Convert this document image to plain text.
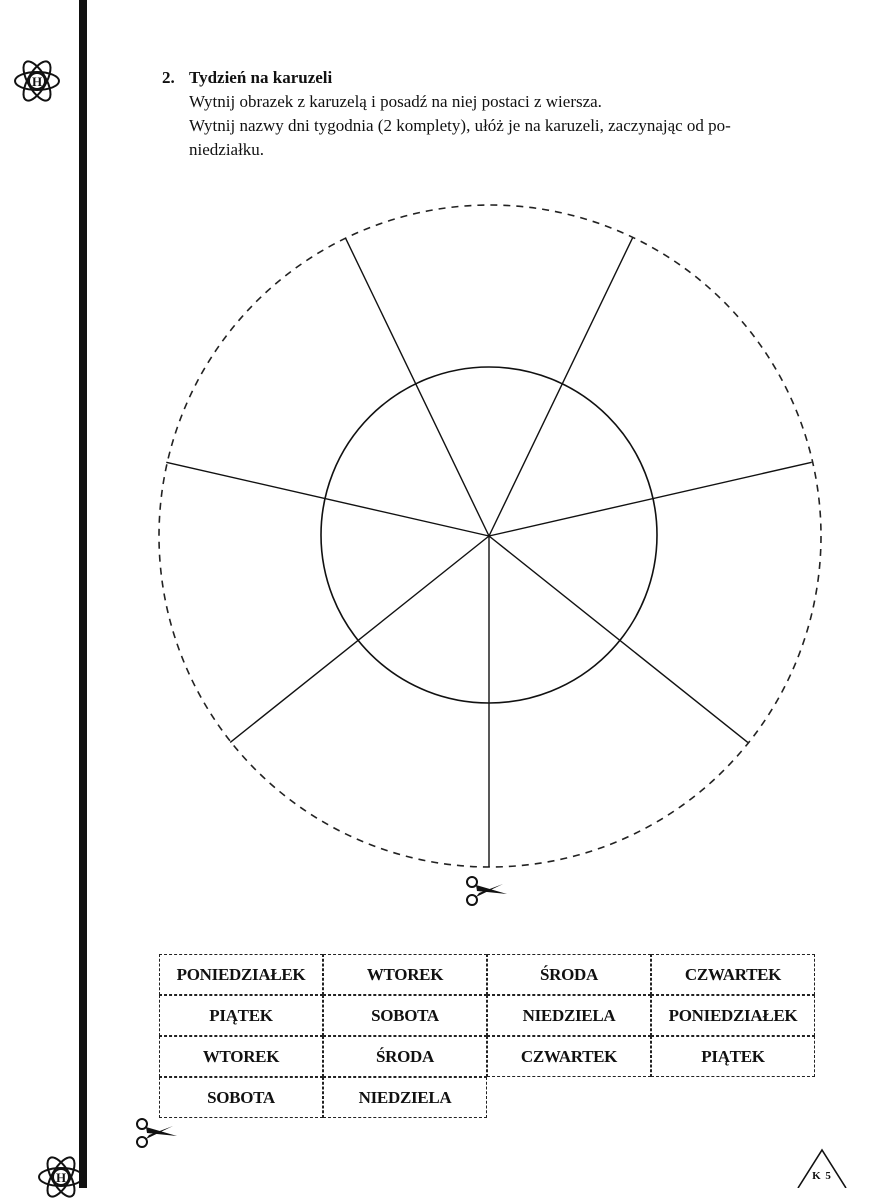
H	2. Tydzień na karuzeli
Wytnij obrazek z karuzelą i posadź na niej postaci z wiersza.
Wytnij nazwy dni tygodnia (2 komplety), ułóż je na karuzeli, zaczynając od po-
niedziałku.
PONIEDZIAŁEK	WTOREK	ŚRODA	CZWARTEK
PIĄTEK	SOBOTA	NIEDZIELA	PONIEDZIAŁEK
WTOREK	ŚRODA	CZWARTEK	PIĄTEK
SOBOTA	NIEDZIELA
H	K 5
